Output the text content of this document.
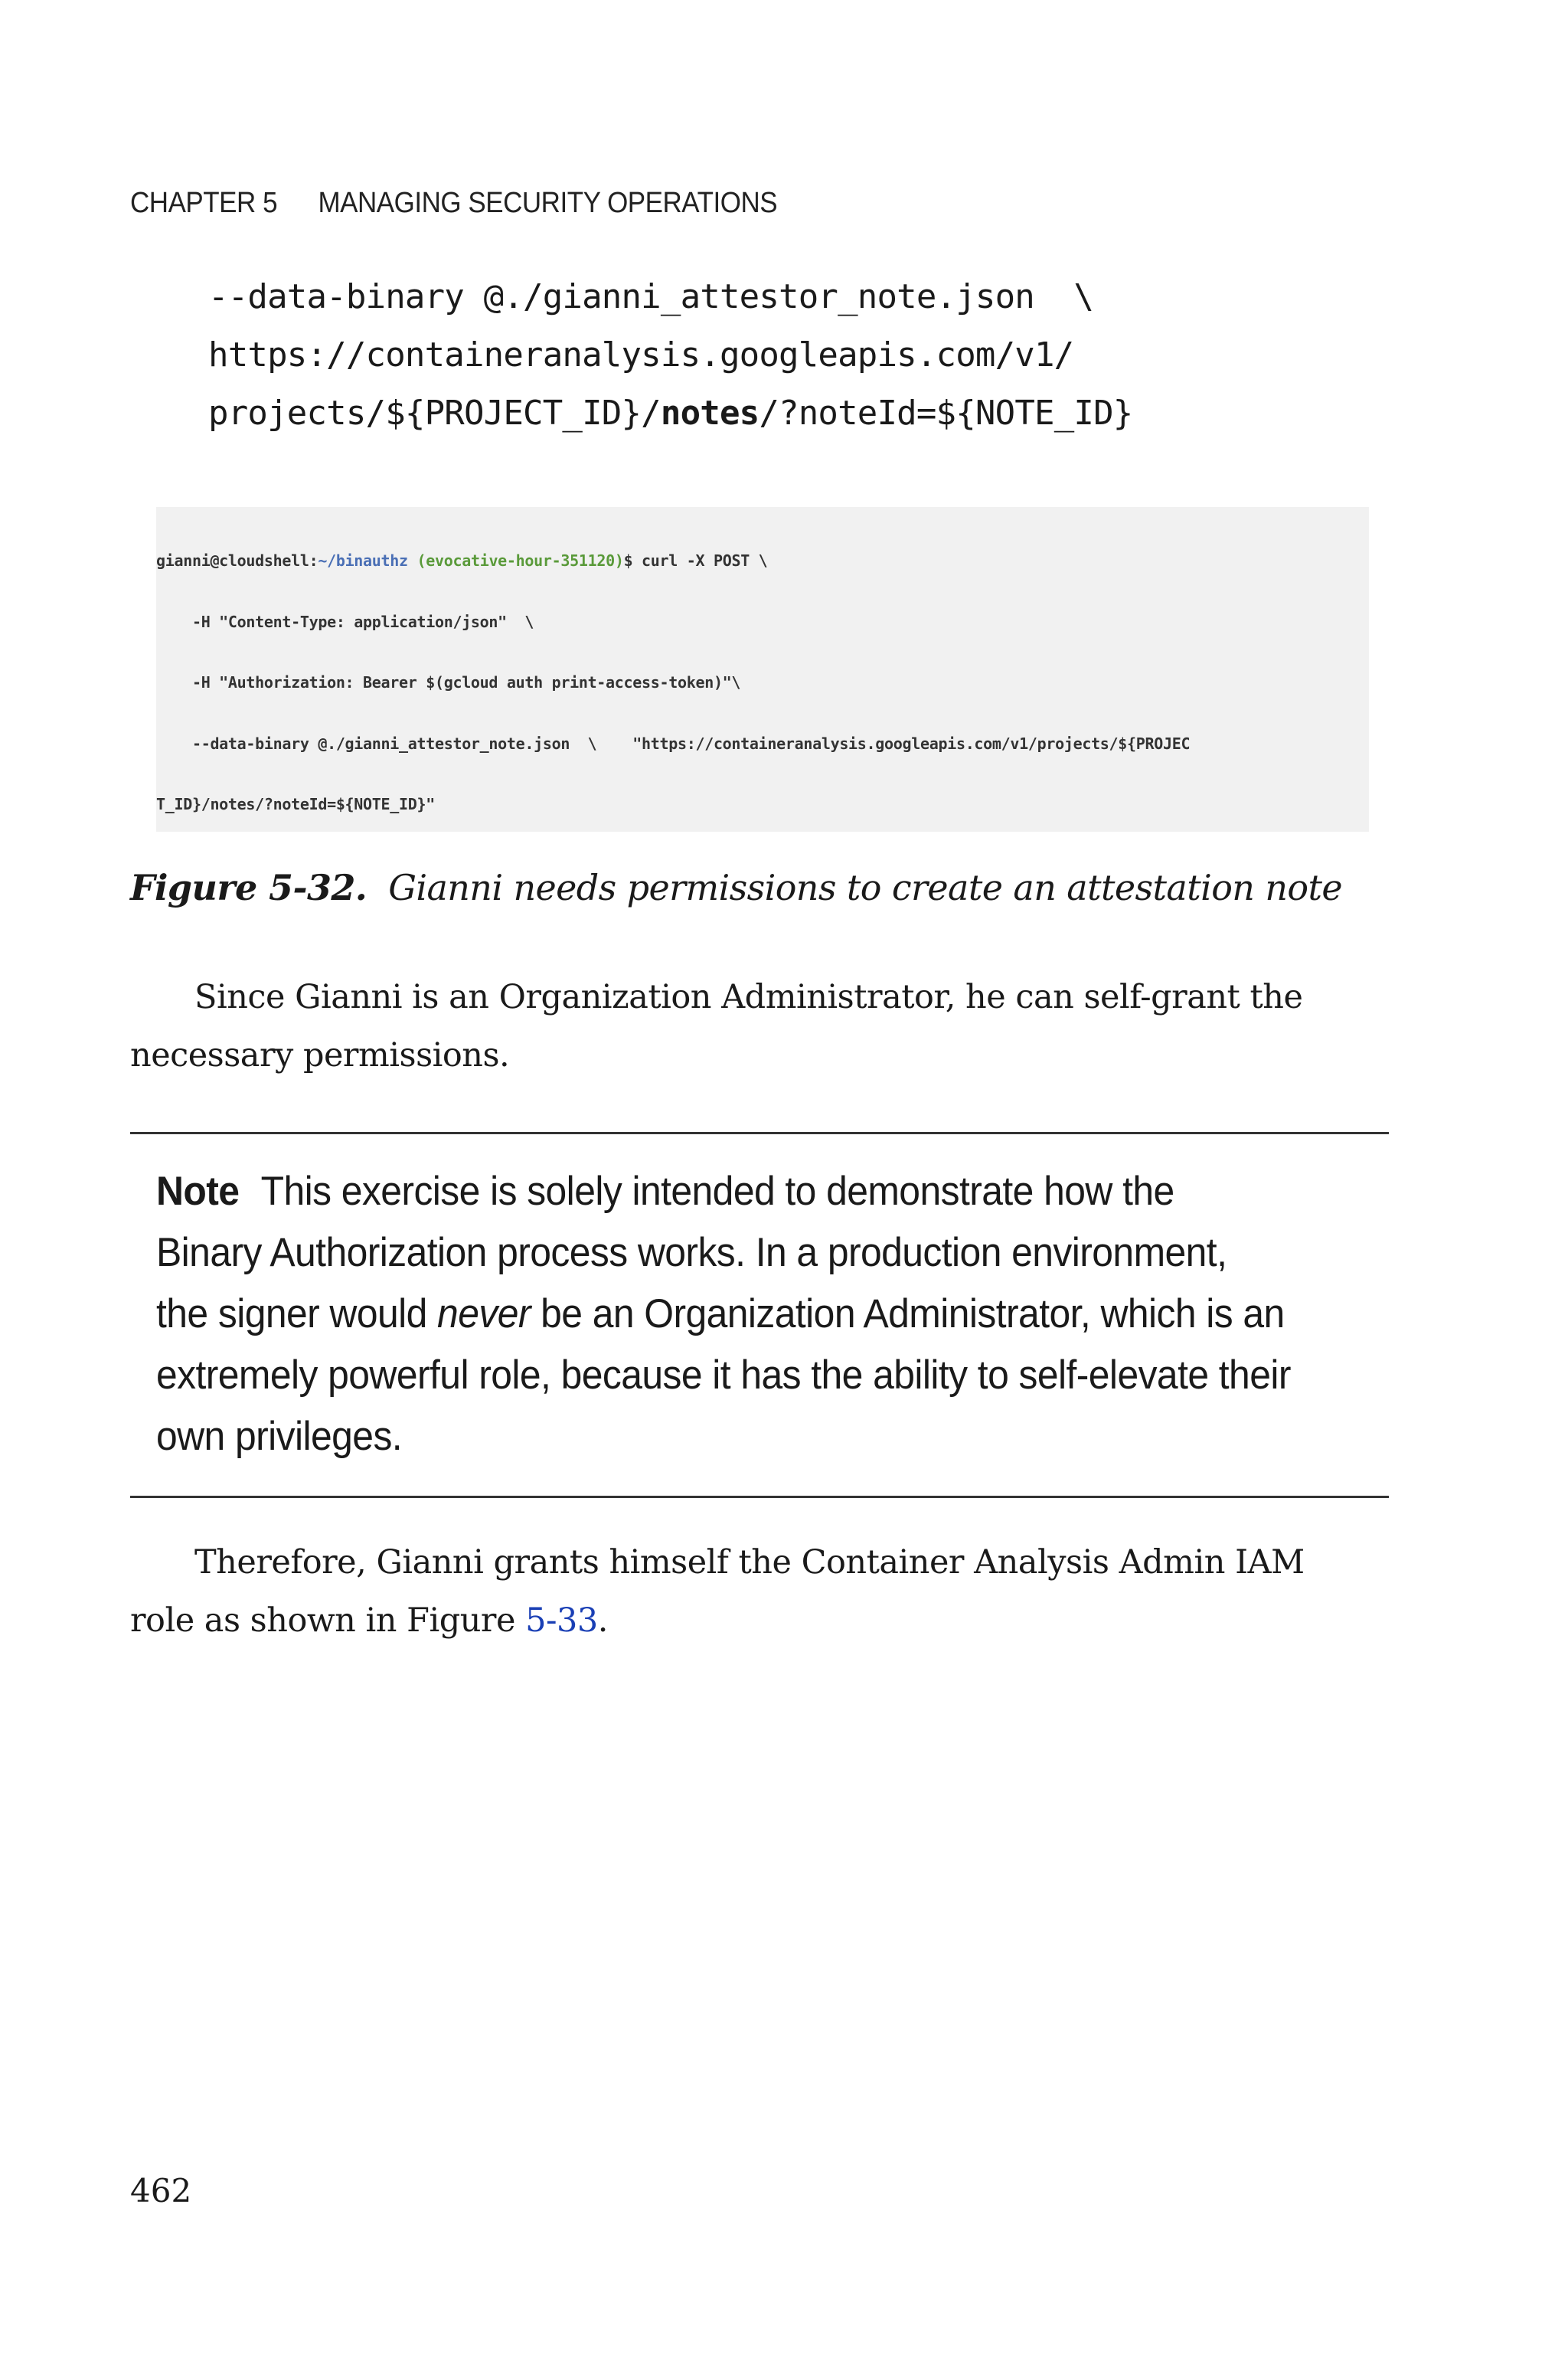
CHAPTER 5 MANAGING SECURITY OPERATIONS
--data-binary @./gianni_attestor_note.json  \
https://containeranalysis.googleapis.com/v1/
projects/${PROJECT_ID}/notes/?noteId=${NOTE_ID}

gianni@cloudshell:~/binauthz (evocative-hour-351120)$ curl -X POST \

-H "Content-Type: application/json"  \

-H "Authorization: Bearer $(gcloud auth print-access-token)"\

--data-binary @./gianni_attestor_note.json  \    "https://containeranalysis.googleapis.com/v1/projects/${PROJEC

T_ID}/notes/?noteId=${NOTE_ID}"

Figure 5-32. Gianni needs permissions to create an attestation note
Since Gianni is an Organization Administrator, he can self-grant the
necessary permissions.
Note This exercise is solely intended to demonstrate how the
Binary Authorization process works. In a production environment,
the signer would never be an Organization Administrator, which is an
extremely powerful role, because it has the ability to self-elevate their
own privileges.
Therefore, Gianni grants himself the Container Analysis Admin IAM
role as shown in Figure 5-33.
462
